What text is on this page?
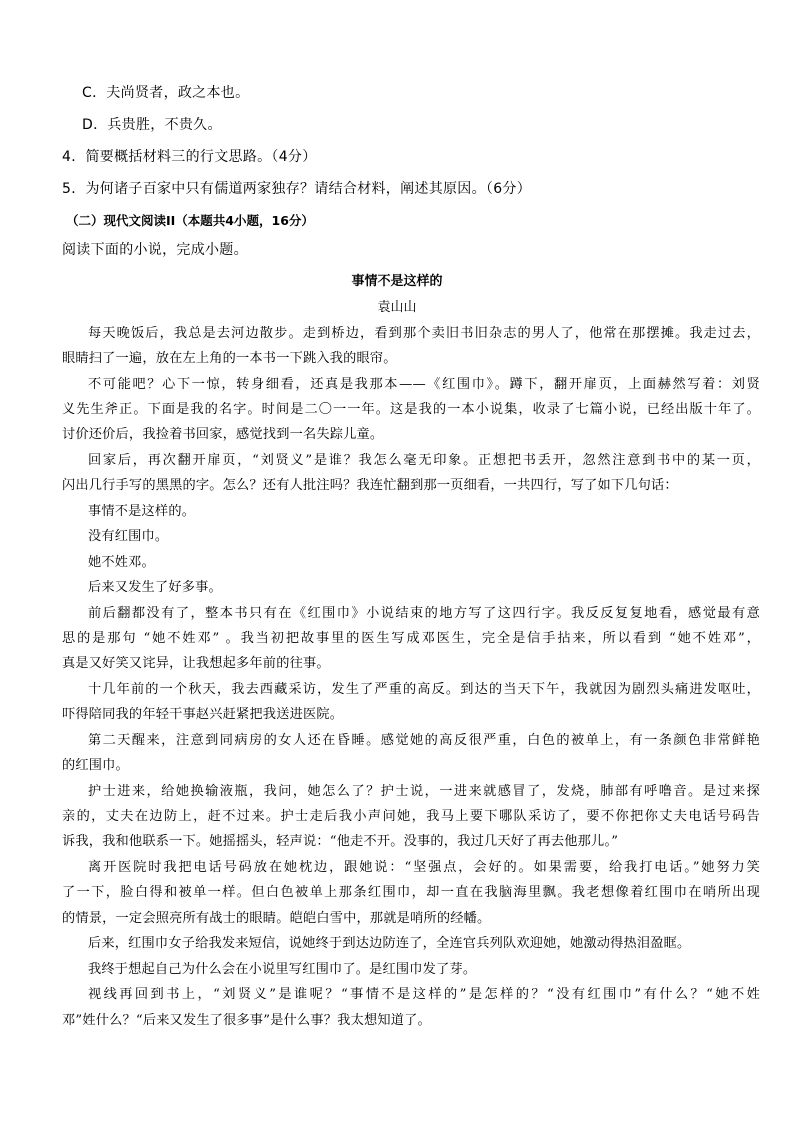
C．夫尚贤者，政之本也。
D．兵贵胜，不贵久。
4．简要概括材料三的行文思路。（4分）
5．为何诸子百家中只有儒道两家独存？请结合材料，阐述其原因。（6分）
（二）现代文阅读II（本题共4小题，16分）
阅读下面的小说，完成小题。
事情不是这样的
袁山山
每天晚饭后，我总是去河边散步。走到桥边，看到那个卖旧书旧杂志的男人了，他常在那摆摊。我走过去，
眼睛扫了一遍，放在左上角的一本书一下跳入我的眼帘。
不可能吧？心下一惊，转身细看，还真是我那本——《红围巾》。蹲下，翻开扉页，上面赫然写着：刘贤
义先生斧正。下面是我的名字。时间是二〇一一年。这是我的一本小说集，收录了七篇小说，已经出版十年了。
讨价还价后，我捡着书回家，感觉找到一名失踪儿童。
回家后，再次翻开扉页，“刘贤义”是谁？我怎么毫无印象。正想把书丢开，忽然注意到书中的某一页，
闪出几行手写的黑黑的字。怎么？还有人批注吗？我连忙翻到那一页细看，一共四行，写了如下几句话：
事情不是这样的。
没有红围巾。
她不姓邓。
后来又发生了好多事。
前后翻都没有了，整本书只有在《红围巾》小说结束的地方写了这四行字。我反反复复地看，感觉最有意
思的是那句 “她不姓邓” 。我当初把故事里的医生写成邓医生，完全是信手拈来，所以看到 “她不姓邓”，
真是又好笑又诧异，让我想起多年前的往事。
十几年前的一个秋天，我去西藏采访，发生了严重的高反。到达的当天下午，我就因为剧烈头痛进发呕吐，
吓得陪同我的年轻干事赵兴赶紧把我送进医院。
第二天醒来，注意到同病房的女人还在昏睡。感觉她的高反很严重，白色的被单上，有一条颜色非常鲜艳
的红围巾。
护士进来，给她换输液瓶，我问，她怎么了？护士说，一进来就感冒了，发烧，肺部有呼噜音。是过来探
亲的，丈夫在边防上，赶不过来。护士走后我小声问她，我马上要下哪队采访了，要不你把你丈夫电话号码告
诉我，我和他联系一下。她摇摇头，轻声说：“他走不开。没事的，我过几天好了再去他那儿。”
离开医院时我把电话号码放在她枕边，跟她说：“坚强点，会好的。如果需要，给我打电话。”她努力笑
了一下，脸白得和被单一样。但白色被单上那条红围巾，却一直在我脑海里飘。我老想像着红围巾在哨所出现
的情景，一定会照亮所有战士的眼睛。皑皑白雪中，那就是哨所的经幡。
后来，红围巾女子给我发来短信，说她终于到达边防连了，全连官兵列队欢迎她，她激动得热泪盈眶。
我终于想起自己为什么会在小说里写红围巾了。是红围巾发了芽。
视线再回到书上，“刘贤义”是谁呢？“事情不是这样的”是怎样的？“没有红围巾”有什么？“她不姓
邓”姓什么？“后来又发生了很多事”是什么事？我太想知道了。
